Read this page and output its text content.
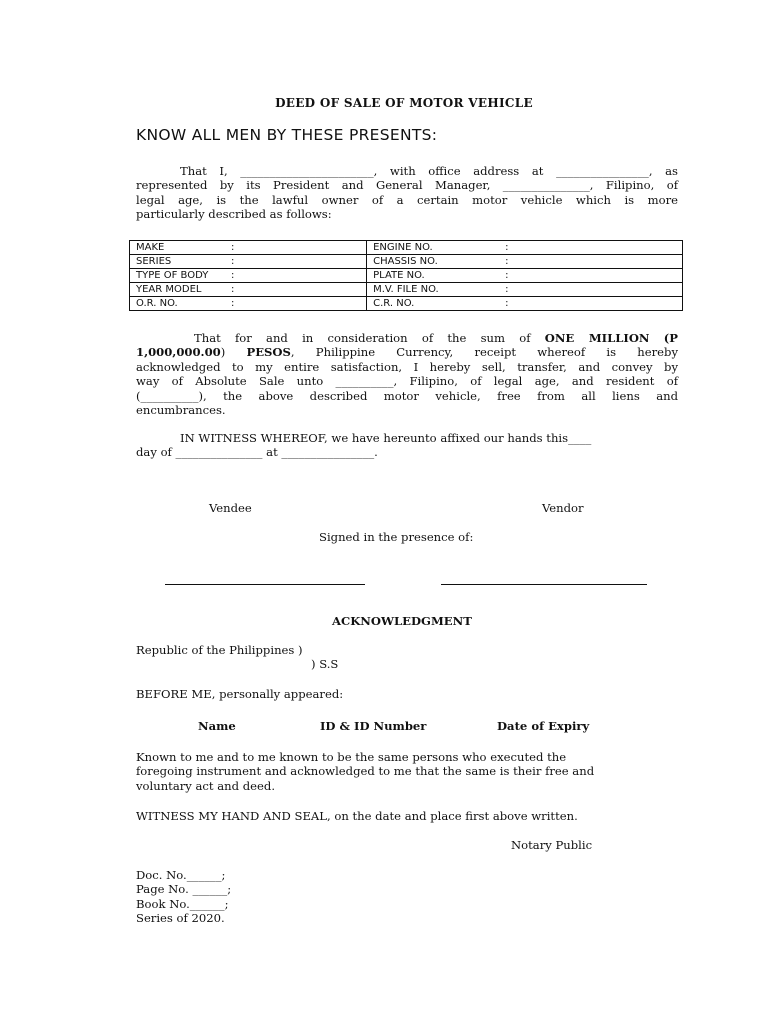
DEED OF SALE OF MOTOR VEHICLE
KNOW ALL MEN BY THESE PRESENTS:
That I, _______________________, with office address at ________________, as
represented by its President and General Manager, _______________, Filipino, of
legal age, is the lawful owner of a certain motor vehicle which is more
particularly described as follows:
MAKE :	ENGINE NO. :
SERIES :	CHASSIS NO. :
TYPE OF BODY :	PLATE NO. :
YEAR MODEL :	M.V. FILE NO. :
O.R. NO. :	C.R. NO. :
That for and in consideration of the sum of ONE MILLION (P
1,000,000.00) PESOS, Philippine Currency, receipt whereof is hereby
acknowledged to my entire satisfaction, I hereby sell, transfer, and convey by
way of Absolute Sale unto __________, Filipino, of legal age, and resident of
(__________), the above described motor vehicle, free from all liens and
encumbrances.
IN WITNESS WHEREOF, we have hereunto affixed our hands this____
day of _______________ at ________________.
Vendee	Vendor
Signed in the presence of:
ACKNOWLEDGMENT
Republic of the Philippines )
) S.S
BEFORE ME, personally appeared:
Name	ID & ID Number	Date of Expiry
Known to me and to me known to be the same persons who executed the
foregoing instrument and acknowledged to me that the same is their free and
voluntary act and deed.
WITNESS MY HAND AND SEAL, on the date and place first above written.
Notary Public
Doc. No.______;
Page No. ______;
Book No.______;
Series of 2020.
